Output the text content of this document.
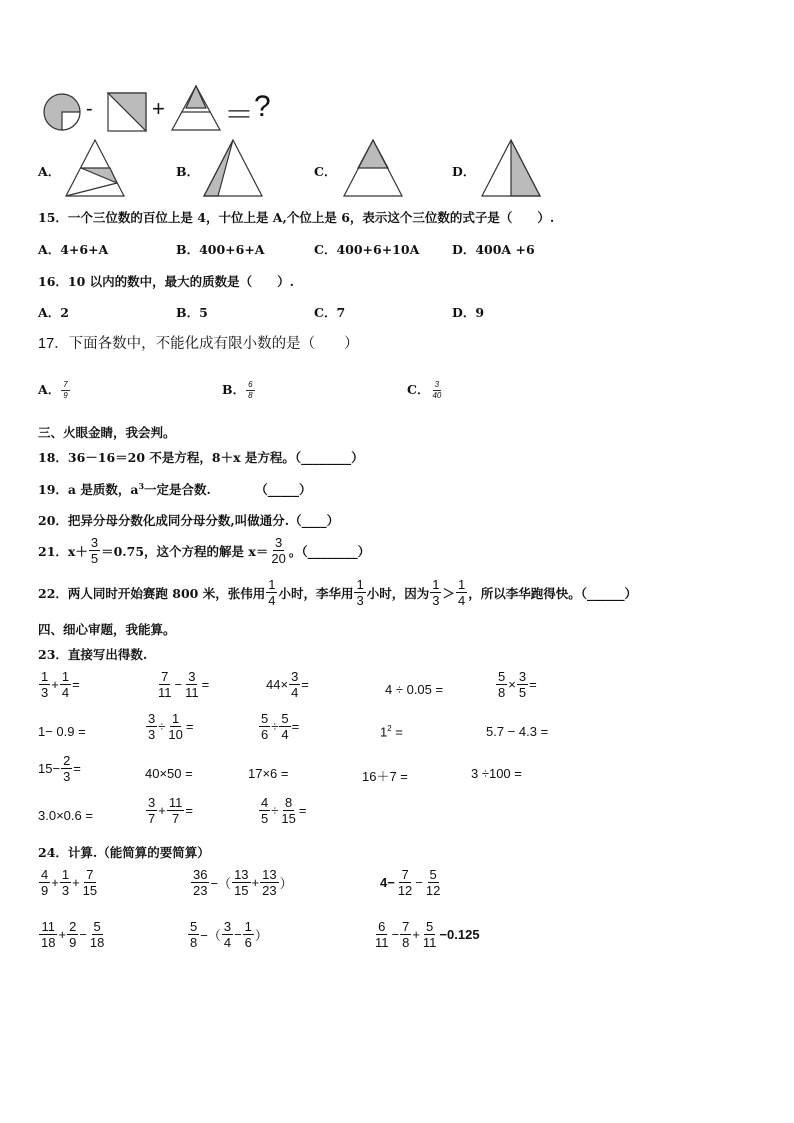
-	+ ＝ ?
A．	B．	C．	D．
15．一个三位数的百位上是 4，十位上是 A,个位上是 6，表示这个三位数的式子是（　　）.
A．4+6+A	B．400+6+A	C．400+6+10A	D．400A +6
16．10 以内的数中，最大的质数是（　　）.
A．2	B．5	C．7	D．9
17．下面各数中，不能化成有限小数的是（　　）
A． $\frac{7}{9}$	B． $\frac{6}{8}$	C． $\frac{3}{40}$
三、火眼金睛，我会判。
18．36－16＝20 不是方程，8＋x 是方程。（________）
19．a 是质数，$a^3$一定是合数.	（_____）
20．把异分母分数化成同分母分数,叫做通分.（____）
21．$x+ \frac{3}{5} =0.75$，这个方程的解是 $x= \frac{3}{20}$ 。（________）
22．两人同时开始赛跑 800 米，张伟用 $\frac{1}{4}$ 小时，李华用 $\frac{1}{3}$ 小时，因为 $\frac{1}{3} > \frac{1}{4}$ ，所以李华跑得快。（______）
四、细心审题，我能算。
23．直接写出得数.
$\frac{1}{3} + \frac{1}{4}$ =	$\frac{7}{11} - \frac{3}{11}$ =	$44\times \frac{3}{4}$ =	4 ÷ 0.05 =	$\frac{5}{8} \times \frac{3}{5}$ =
1− 0.9 =	$\frac{3}{3} \div \frac{1}{10}$ =	$\frac{5}{6} \div \frac{5}{4}$ =	$1^2$ =	5.7 − 4.3 =
$15- \frac{2}{3}$ =	40×50 =	17×6 =	16＋7 =	3 ÷100 =
3.0×0.6 =	$\frac{3}{7} + \frac{11}{7}$ =	$\frac{4}{5} \div \frac{8}{15}$ =
24．计算.（能简算的要简算）
$\frac{4}{9} + \frac{1}{3} + \frac{7}{15}$	$\frac{36}{23}$ −（ $\frac{13}{15} + \frac{13}{23}$ ）	$4- \frac{7}{12} - \frac{5}{12}$
$\frac{11}{18} + \frac{2}{9} - \frac{5}{18}$	$\frac{5}{8}$ −（ $\frac{3}{4} - \frac{1}{6}$ ）	$\frac{6}{11} - \frac{7}{8} + \frac{5}{11} -0.125$
